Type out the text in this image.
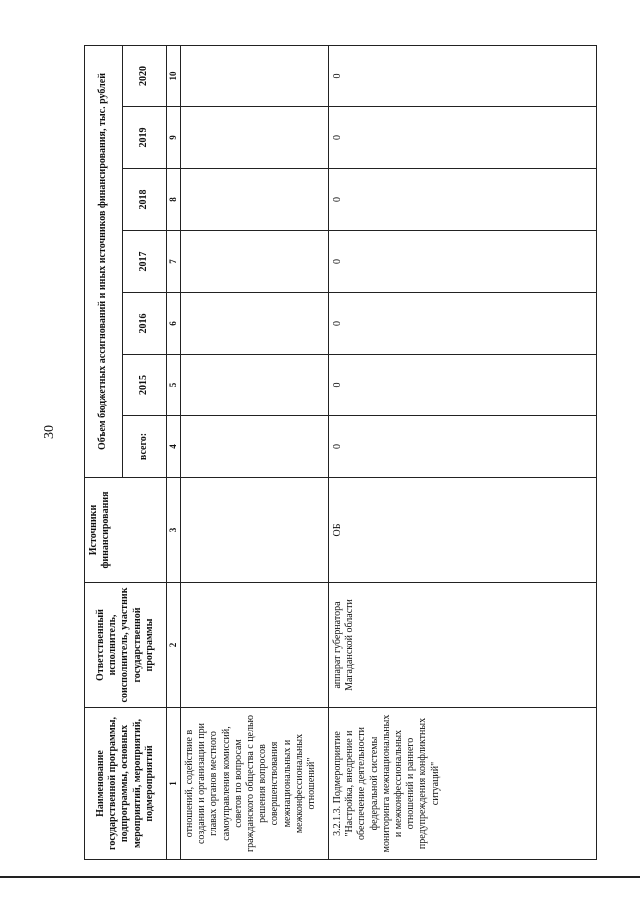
30
Наименование государственной программы, подпрограммы, основных мероприятий, мероприятий, подмероприятий	Ответственный исполнитель, соисполнитель, участник государственной программы	Источники финансирования	Объем бюджетных ассигнований и иных источников финансирования, тыс. рублей						
			всего:	2015	2016	2017	2018	2019	2020
1	2	3	4	5	6	7	8	9	10
отношений, содействие в создании и организации при главах органов местного самоуправления комиссий, советов по вопросам гражданского общества с целью решения вопросов совершенствования межнациональных и межконфессиональных отношений"									
3.2.1.3. Подмероприятие "Настройка, внедрение и обеспечение деятельности федеральной системы мониторинга межнациональных и межконфессиональных отношений и раннего предупреждения конфликтных ситуаций"	аппарат губернатора Магаданской области	ОБ	0	0	0	0	0	0	0
